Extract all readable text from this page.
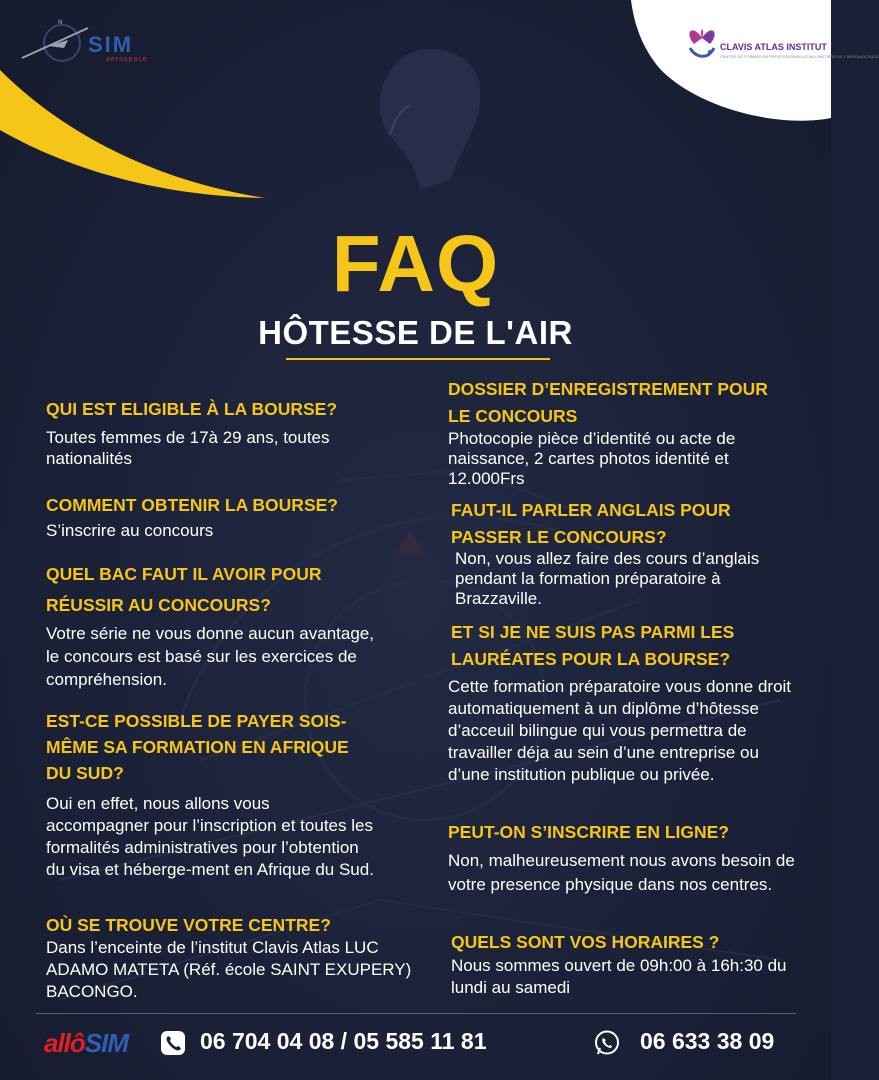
N
SIM
aerospace
CLAVIS ATLAS INSTITUT
CENTRE DE FORMATION PROFESSIONNELLE AUX METIERS DE L'AERONAUTIQUE
FAQ
HÔTESSE DE L'AIR
QUI EST ELIGIBLE À LA BOURSE?
Toutes femmes de 17à 29 ans, toutes nationalités
COMMENT OBTENIR LA BOURSE?
S’inscrire au concours
QUEL BAC FAUT IL AVOIR POUR RÉUSSIR AU CONCOURS?
Votre série ne vous donne aucun avantage, le concours est basé sur les exercices de compréhension.
EST-CE POSSIBLE DE PAYER SOIS-MÊME SA FORMATION EN AFRIQUE DU SUD?
Oui en effet, nous allons vous accompagner pour l’inscription et toutes les formalités administratives pour l’obtention du visa et héberge-ment en Afrique du Sud.
OÙ SE TROUVE VOTRE CENTRE?
Dans l’enceinte de l’institut Clavis Atlas LUC ADAMO MATETA (Réf. école SAINT EXUPERY) BACONGO.
DOSSIER D’ENREGISTREMENT POUR LE CONCOURS
Photocopie pièce d’identité ou acte de naissance, 2 cartes photos identité et 12.000Frs
FAUT-IL PARLER ANGLAIS POUR PASSER LE CONCOURS?
Non, vous allez faire des cours d’anglais pendant la formation préparatoire à Brazzaville.
ET SI JE NE SUIS PAS PARMI LES LAURÉATES POUR LA BOURSE?
Cette formation préparatoire vous donne droit automatiquement à un diplôme d’hôtesse d’acceuil bilingue qui vous permettra de travailler déja au sein d’une entreprise ou d’une institution publique ou privée.
PEUT-ON S’INSCRIRE EN LIGNE?
Non, malheureusement nous avons besoin de votre presence physique dans nos centres.
QUELS SONT VOS HORAIRES ?
Nous sommes ouvert de 09h:00 à 16h:30 du lundi au samedi
allôSIM	06 704 04 08 / 05 585 11 81	06 633 38 09
